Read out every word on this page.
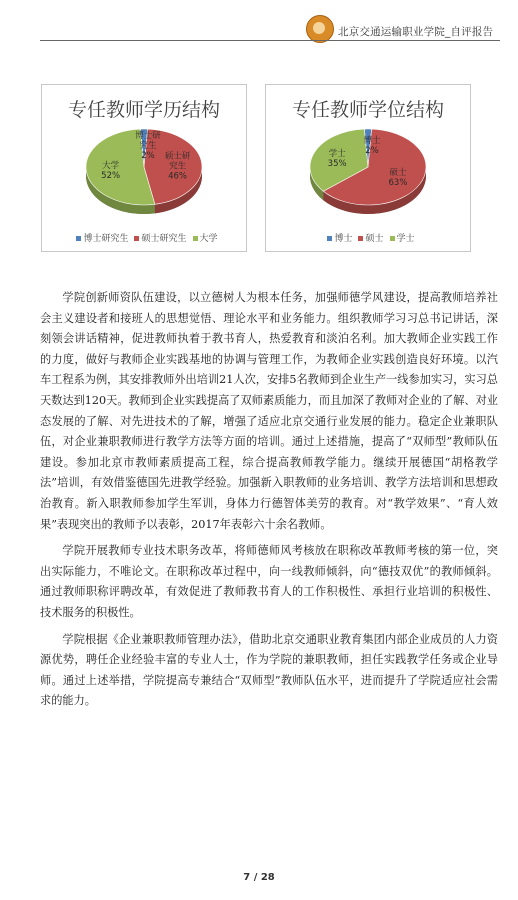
北京交通运输职业学院_自评报告
专任教师学历结构
博士研究生 2%	硕士研究生 46%
大学 52%
博士研究生 硕士研究生 大学
专任教师学位结构
博士 2%
硕士 63%
学士 35%
博士 硕士 学士

学院创新师资队伍建设，以立德树人为根本任务，加强师德学风建设，提高教师培养社会主义建设者和接班人的思想觉悟、理论水平和业务能力。组织教师学习习总书记讲话，深刻领会讲话精神，促进教师执着于教书育人，热爱教育和淡泊名利。加大教师企业实践工作的力度，做好与教师企业实践基地的协调与管理工作，为教师企业实践创造良好环境。以汽车工程系为例，其安排教师外出培训21人次，安排5名教师到企业生产一线参加实习，实习总天数达到120天。教师到企业实践提高了双师素质能力，而且加深了教师对企业的了解、对业态发展的了解、对先进技术的了解，增强了适应北京交通行业发展的能力。稳定企业兼职队伍，对企业兼职教师进行教学方法等方面的培训。通过上述措施，提高了“双师型”教师队伍建设。参加北京市教师素质提高工程，综合提高教师教学能力。继续开展德国“胡格教学法”培训，有效借鉴德国先进教学经验。加强新入职教师的业务培训、教学方法培训和思想政治教育。新入职教师参加学生军训，身体力行德智体美劳的教育。对“教学效果”、“育人效果”表现突出的教师予以表彰，2017年表彰六十余名教师。

学院开展教师专业技术职务改革，将师德师风考核放在职称改革教师考核的第一位，突出实际能力，不唯论文。在职称改革过程中，向一线教师倾斜，向“德技双优”的教师倾斜。通过教师职称评聘改革，有效促进了教师教书育人的工作积极性、承担行业培训的积极性、技术服务的积极性。

学院根据《企业兼职教师管理办法》，借助北京交通职业教育集团内部企业成员的人力资源优势，聘任企业经验丰富的专业人士，作为学院的兼职教师，担任实践教学任务或企业导师。通过上述举措，学院提高专兼结合“双师型”教师队伍水平，进而提升了学院适应社会需求的能力。

7 / 28
